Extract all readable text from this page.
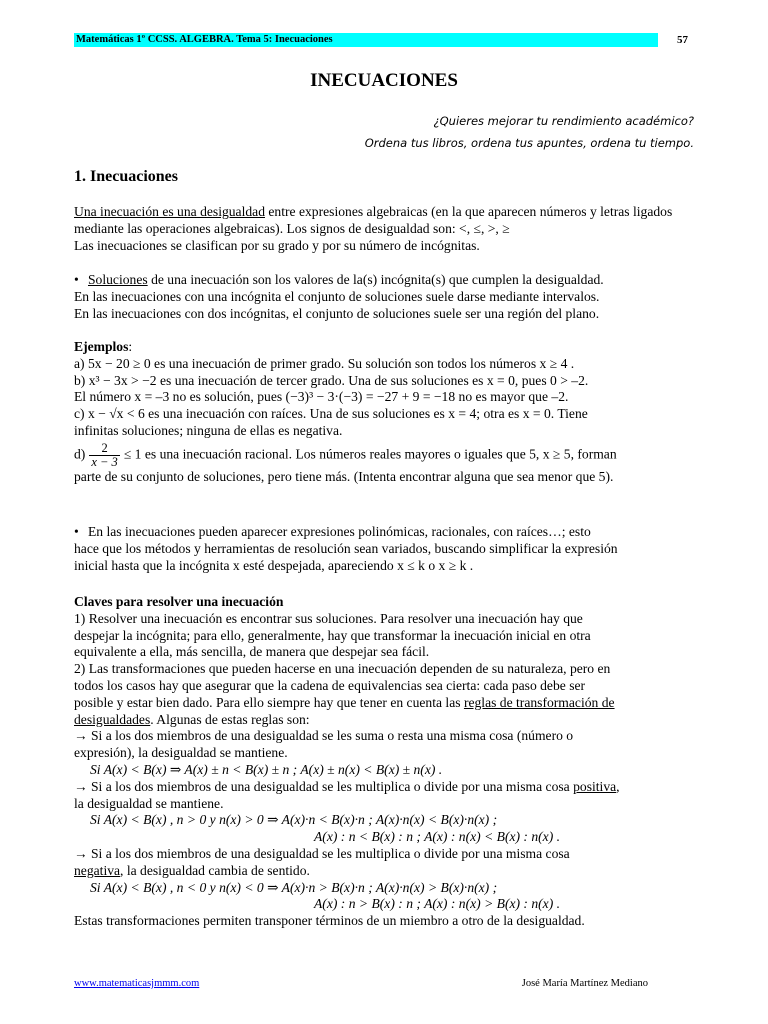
Matemáticas 1º CCSS. ALGEBRA. Tema 5: Inecuaciones	57
INECUACIONES
¿Quieres mejorar tu rendimiento académico?
Ordena tus libros, ordena tus apuntes, ordena tu tiempo.
1. Inecuaciones

Una inecuación es una desigualdad entre expresiones algebraicas (en la que aparecen números y letras ligados mediante las operaciones algebraicas). Los signos de desigualdad son: <, ≤, >, ≥

Las inecuaciones se clasifican por su grado y por su número de incógnitas.

• Soluciones de una inecuación son los valores de la(s) incógnita(s) que cumplen la desigualdad.

En las inecuaciones con una incógnita el conjunto de soluciones suele darse mediante intervalos.

En las inecuaciones con dos incógnitas, el conjunto de soluciones suele ser una región del plano.

Ejemplos:

a) 5x − 20 ≥ 0 es una inecuación de primer grado. Su solución son todos los números x ≥ 4 .

b) x³ − 3x > −2 es una inecuación de tercer grado. Una de sus soluciones es x = 0, pues 0 > –2.

El número x = –3 no es solución, pues (−3)³ − 3·(−3) = −27 + 9 = −18 no es mayor que –2.

c) x − √x < 6 es una inecuación con raíces. Una de sus soluciones es x = 4; otra es x = 0. Tiene

infinitas soluciones; ninguna de ellas es negativa.

$d) \frac{2}{x - 3} \le 1$ es una inecuación racional. Los números reales mayores o iguales que 5, x ≥ 5, forman

parte de su conjunto de soluciones, pero tiene más. (Intenta encontrar alguna que sea menor que 5).

• En las inecuaciones pueden aparecer expresiones polinómicas, racionales, con raíces…; esto

hace que los métodos y herramientas de resolución sean variados, buscando simplificar la expresión

inicial hasta que la incógnita x esté despejada, apareciendo x ≤ k o x ≥ k .

Claves para resolver una inecuación

1) Resolver una inecuación es encontrar sus soluciones. Para resolver una inecuación hay que

despejar la incógnita; para ello, generalmente, hay que transformar la inecuación inicial en otra

equivalente a ella, más sencilla, de manera que despejar sea fácil.

2) Las transformaciones que pueden hacerse en una inecuación dependen de su naturaleza, pero en

todos los casos hay que asegurar que la cadena de equivalencias sea cierta: cada paso debe ser

posible y estar bien dado. Para ello siempre hay que tener en cuenta las reglas de transformación de

desigualdades. Algunas de estas reglas son:

→ Si a los dos miembros de una desigualdad se les suma o resta una misma cosa (número o

expresión), la desigualdad se mantiene.

Si A(x) < B(x) ⇒ A(x) ± n < B(x) ± n ; A(x) ± n(x) < B(x) ± n(x) .

→ Si a los dos miembros de una desigualdad se les multiplica o divide por una misma cosa positiva,

la desigualdad se mantiene.

Si A(x) < B(x) , n > 0 y n(x) > 0 ⇒ A(x)·n < B(x)·n ; A(x)·n(x) < B(x)·n(x) ;

A(x) : n < B(x) : n ; A(x) : n(x) < B(x) : n(x) .

→ Si a los dos miembros de una desigualdad se les multiplica o divide por una misma cosa

negativa, la desigualdad cambia de sentido.

Si A(x) < B(x) , n < 0 y n(x) < 0 ⇒ A(x)·n > B(x)·n ; A(x)·n(x) > B(x)·n(x) ;

A(x) : n > B(x) : n ; A(x) : n(x) > B(x) : n(x) .

Estas transformaciones permiten transponer términos de un miembro a otro de la desigualdad.

www.matematicasjmmm.com	José María Martínez Mediano
